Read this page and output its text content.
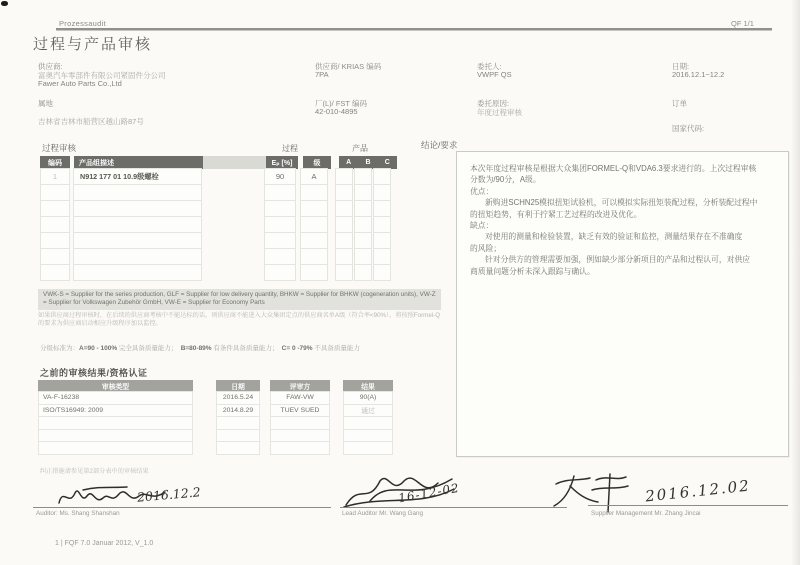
Prozessaudit	QF 1/1
过程与产品审核
供应商:
富奥汽车零部件有限公司紧固件分公司
Fawer Auto Parts Co.,Ltd
属地
吉林省吉林市船营区越山路87号
供应商/ KRIAS 编码
7PA
厂(L)/ FST 编码
42-010-4895
委托人:
VWPF QS
委托原因:
年度过程审核
日期:
2016.12.1~12.2
订单
国家代码:
过程审核	过程	产品
编码	产品组描述	Eₚ [%]	级	A B C
1	N912 177 01 10.9级螺栓	90	A
VWK-S = Supplier for the series production, GLF = Supplier for low delivery quantity, BHKW = Supplier for BHKW (cogeneration units), VW-Z = Supplier for Volkswagen Zubehör GmbH, VW-E = Supplier for Economy Parts
如果供应商过程审核时，在后续的供应商考核中不能达标的话，则供应商不能进入大众集团定点的供应商名单A级（符合率<90%），将按照Formel-Q的要求为供应商启动相应升级程序加以监控。
分级标准为：A=90 - 100% 完全具备质量能力；　B=80-89% 有条件具备质量能力；　C= 0 -79% 不具备质量能力
之前的审核结果/资格认证
审核类型	日期	评审方	结果
VA-F-16238	2016.5.24	FAW-VW	90(A)
ISO/TS16949: 2009	2014.8.29	TUEV SUED	通过
纠正措施请参见第2部分表中的审核结果
结论/要求
本次年度过程审核是根据大众集团FORMEL-Q和VDA6.3要求进行的。上次过程审核
分数为/90分，A级。
优点：
新购进SCHN25模拟扭矩试验机，可以模拟实际扭矩装配过程，分析装配过程中
的扭矩趋势，有利于拧紧工艺过程的改进及优化。
缺点：
对使用的测量和检验装置，缺乏有效的验证和监控，测量结果存在不准确度
的风险；
针对分供方的管理需要加强，例如缺少部分新项目的产品和过程认可，对供应
商质量问题分析未深入跟踪与确认。
2016.12.2
Auditor: Ms. Shang Shanshan
16-12-02
Lead Auditor Mr. Wang Gang
2016.12.02
Supplier Management Mr. Zhang Jincai
1 | FQF 7.0 Januar 2012, V_1.0
